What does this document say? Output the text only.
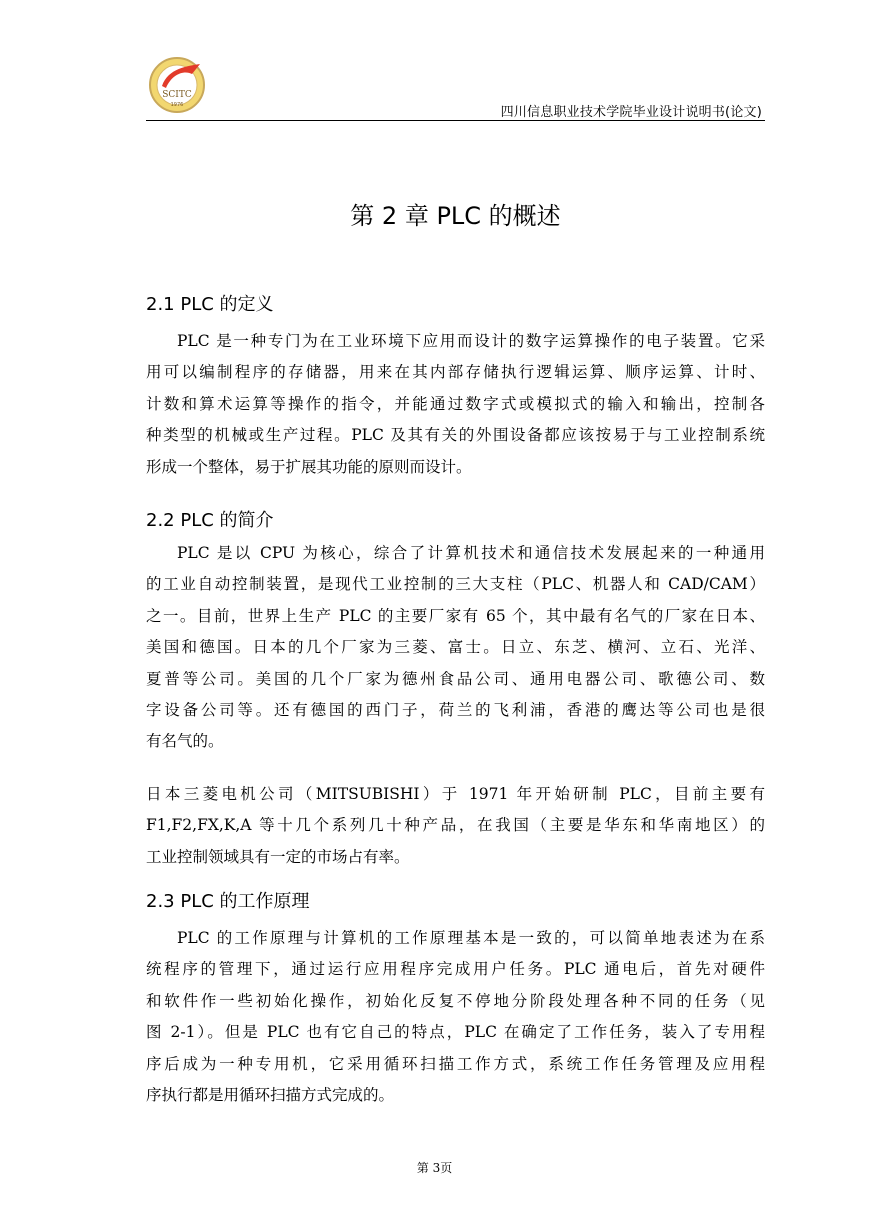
SCITC
1976	四川信息职业技术学院毕业设计说明书(论文)
第 2 章 PLC 的概述
2.1 PLC 的定义
PLC 是一种专门为在工业环境下应用而设计的数字运算操作的电子装置。它采
用可以编制程序的存储器，用来在其内部存储执行逻辑运算、顺序运算、计时、
计数和算术运算等操作的指令，并能通过数字式或模拟式的输入和输出，控制各
种类型的机械或生产过程。PLC 及其有关的外围设备都应该按易于与工业控制系统
形成一个整体，易于扩展其功能的原则而设计。
2.2 PLC 的简介
PLC 是以 CPU 为核心，综合了计算机技术和通信技术发展起来的一种通用
的工业自动控制装置，是现代工业控制的三大支柱（PLC、机器人和 CAD/CAM）
之一。目前，世界上生产 PLC 的主要厂家有 65 个，其中最有名气的厂家在日本、
美国和德国。日本的几个厂家为三菱、富士。日立、东芝、横河、立石、光洋、
夏普等公司。美国的几个厂家为德州食品公司、通用电器公司、歌德公司、数
字设备公司等。还有德国的西门子，荷兰的飞利浦，香港的鹰达等公司也是很
有名气的。
日本三菱电机公司（MITSUBISHI）于 1971 年开始研制 PLC，目前主要有
F1,F2,FX,K,A 等十几个系列几十种产品，在我国（主要是华东和华南地区）的
工业控制领域具有一定的市场占有率。
2.3 PLC 的工作原理
PLC 的工作原理与计算机的工作原理基本是一致的，可以简单地表述为在系
统程序的管理下，通过运行应用程序完成用户任务。PLC 通电后，首先对硬件
和软件作一些初始化操作，初始化反复不停地分阶段处理各种不同的任务（见
图 2-1）。但是 PLC 也有它自己的特点，PLC 在确定了工作任务，装入了专用程
序后成为一种专用机，它采用循环扫描工作方式，系统工作任务管理及应用程
序执行都是用循环扫描方式完成的。
第 3页
